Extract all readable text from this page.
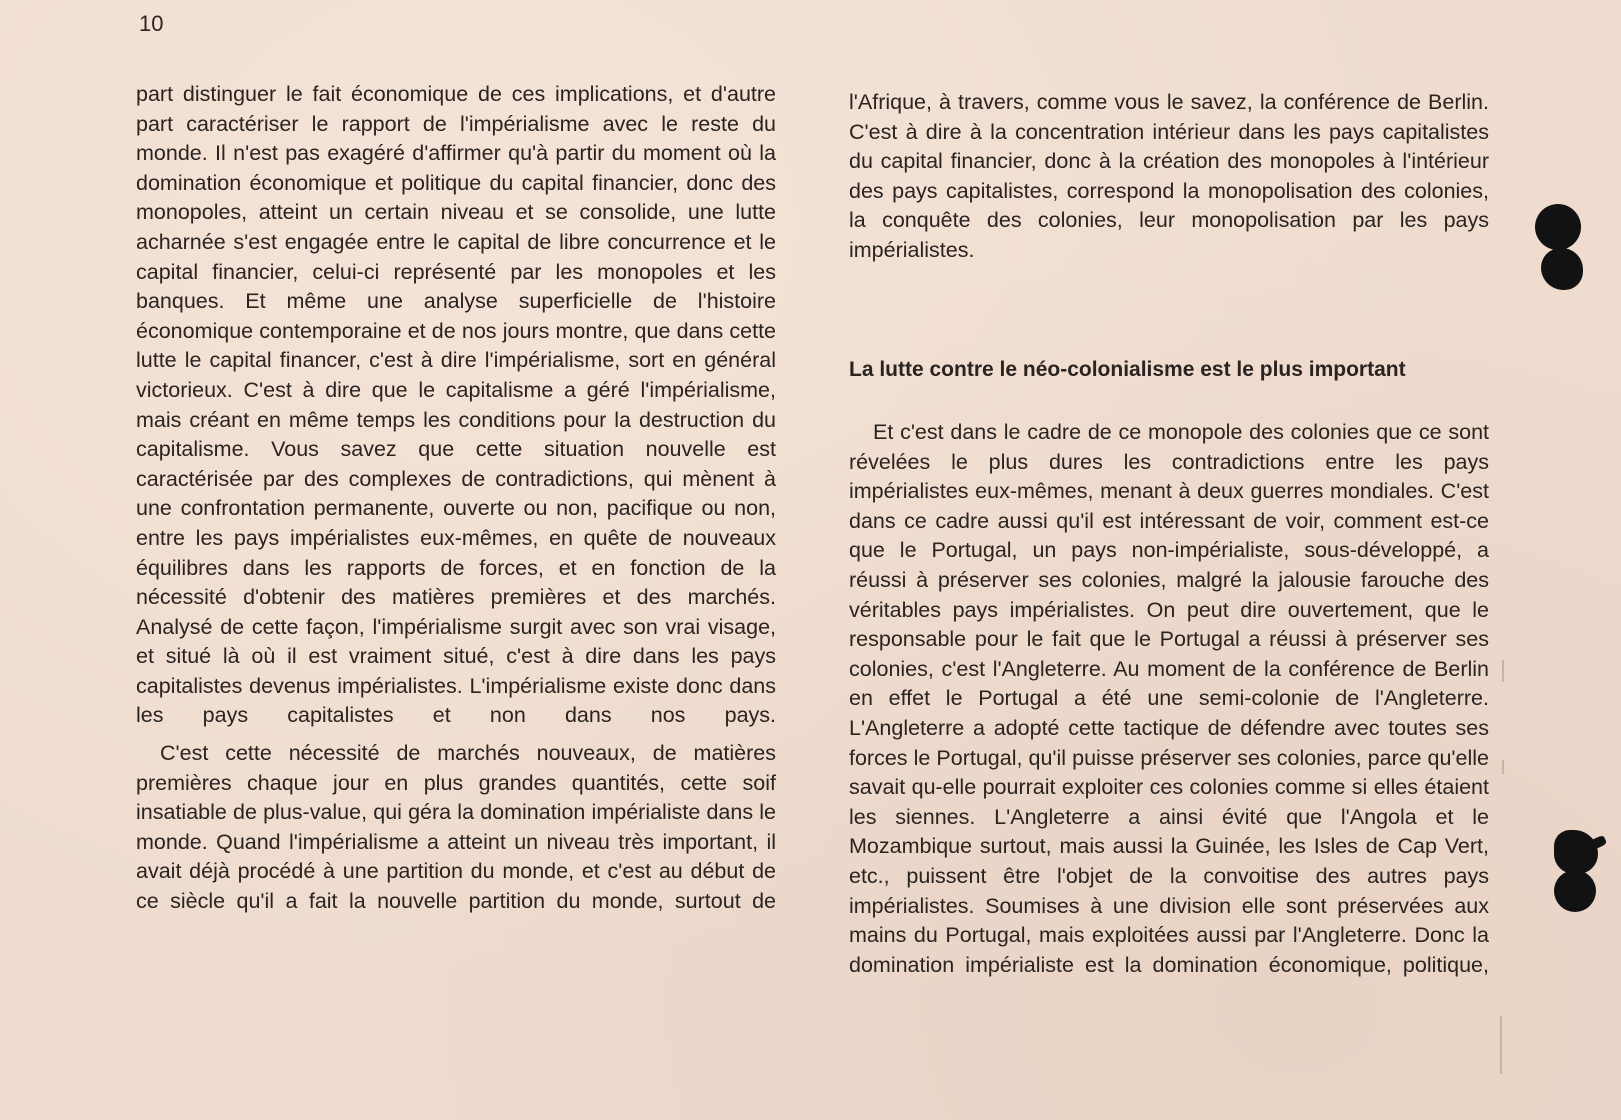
10

part distinguer le fait économique de ces implications, et d'autre part caractériser le rapport de l'impérialisme avec le reste du monde. Il n'est pas exagéré d'affirmer qu'à partir du moment où la domination économique et politique du capital financier, donc des monopoles, atteint un certain niveau et se consolide, une lutte acharnée s'est engagée entre le capital de libre concurrence et le capital financier, celui-ci représenté par les monopoles et les banques. Et même une analyse superficielle de l'histoire économique contemporaine et de nos jours montre, que dans cette lutte le capital financer, c'est à dire l'impérialisme, sort en général victorieux. C'est à dire que le capitalisme a géré l'impérialisme, mais créant en même temps les conditions pour la destruction du capitalisme. Vous savez que cette situation nouvelle est caractérisée par des complexes de contradictions, qui mènent à une confrontation permanente, ouverte ou non, pacifique ou non, entre les pays impérialistes eux-mêmes, en quête de nouveaux équilibres dans les rapports de forces, et en fonction de la nécessité d'obtenir des matières premières et des marchés. Analysé de cette façon, l'impérialisme surgit avec son vrai visage, et situé là où il est vraiment situé, c'est à dire dans les pays capitalistes devenus impérialistes. L'impérialisme existe donc dans les pays capitalistes et non dans nos pays.

C'est cette nécessité de marchés nouveaux, de matières premières chaque jour en plus grandes quantités, cette soif insatiable de plus-value, qui géra la domination impérialiste dans le monde. Quand l'impérialisme a atteint un niveau très important, il avait déjà procédé à une partition du monde, et c'est au début de ce siècle qu'il a fait la nouvelle partition du monde, surtout de

l'Afrique, à travers, comme vous le savez, la conférence de Berlin. C'est à dire à la concentration intérieur dans les pays capitalistes du capital financier, donc à la création des monopoles à l'intérieur des pays capitalistes, correspond la monopolisation des colonies, la conquête des colonies, leur monopolisation par les pays impérialistes.

La lutte contre le néo-colonialisme est le plus important

Et c'est dans le cadre de ce monopole des colonies que ce sont révelées le plus dures les contradictions entre les pays impérialistes eux-mêmes, menant à deux guerres mondiales. C'est dans ce cadre aussi qu'il est intéressant de voir, comment est-ce que le Portugal, un pays non-impérialiste, sous-développé, a réussi à préserver ses colonies, malgré la jalousie farouche des véritables pays impérialistes. On peut dire ouvertement, que le responsable pour le fait que le Portugal a réussi à préserver ses colonies, c'est l'Angleterre. Au moment de la conférence de Berlin en effet le Portugal a été une semi-colonie de l'Angleterre. L'Angleterre a adopté cette tactique de défendre avec toutes ses forces le Portugal, qu'il puisse préserver ses colonies, parce qu'elle savait qu-elle pourrait exploiter ces colonies comme si elles étaient les siennes. L'Angleterre a ainsi évité que l'Angola et le Mozambique surtout, mais aussi la Guinée, les Isles de Cap Vert, etc., puissent être l'objet de la convoitise des autres pays impérialistes. Soumises à une division elle sont préservées aux mains du Portugal, mais exploitées aussi par l'Angleterre. Donc la domination impérialiste est la domination économique, politique,
